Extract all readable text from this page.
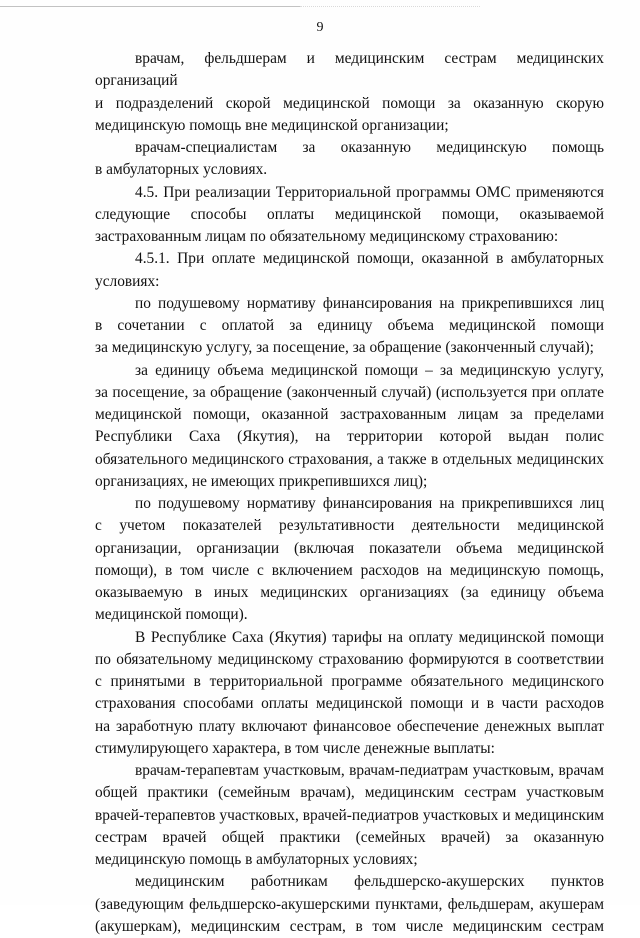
9
врачам, фельдшерам и медицинским сестрам медицинских организаций
и подразделений скорой медицинской помощи за оказанную скорую
медицинскую помощь вне медицинской организации;
врачам-специалистам за оказанную медицинскую помощь
в амбулаторных условиях.
4.5. При реализации Территориальной программы ОМС применяются
следующие способы оплаты медицинской помощи, оказываемой
застрахованным лицам по обязательному медицинскому страхованию:
4.5.1. При оплате медицинской помощи, оказанной в амбулаторных
условиях:
по подушевому нормативу финансирования на прикрепившихся лиц
в сочетании с оплатой за единицу объема медицинской помощи
за медицинскую услугу, за посещение, за обращение (законченный случай);
за единицу объема медицинской помощи – за медицинскую услугу,
за посещение, за обращение (законченный случай) (используется при оплате
медицинской помощи, оказанной застрахованным лицам за пределами
Республики Саха (Якутия), на территории которой выдан полис
обязательного медицинского страхования, а также в отдельных медицинских
организациях, не имеющих прикрепившихся лиц);
по подушевому нормативу финансирования на прикрепившихся лиц
с учетом показателей результативности деятельности медицинской
организации, организации (включая показатели объема медицинской
помощи), в том числе с включением расходов на медицинскую помощь,
оказываемую в иных медицинских организациях (за единицу объема
медицинской помощи).
В Республике Саха (Якутия) тарифы на оплату медицинской помощи
по обязательному медицинскому страхованию формируются в соответствии
с принятыми в территориальной программе обязательного медицинского
страхования способами оплаты медицинской помощи и в части расходов
на заработную плату включают финансовое обеспечение денежных выплат
стимулирующего характера, в том числе денежные выплаты:
врачам-терапевтам участковым, врачам-педиатрам участковым, врачам
общей практики (семейным врачам), медицинским сестрам участковым
врачей-терапевтов участковых, врачей-педиатров участковых и медицинским
сестрам врачей общей практики (семейных врачей) за оказанную
медицинскую помощь в амбулаторных условиях;
медицинским работникам фельдшерско-акушерских пунктов
(заведующим фельдшерско-акушерскими пунктами, фельдшерам, акушерам
(акушеркам), медицинским сестрам, в том числе медицинским сестрам
